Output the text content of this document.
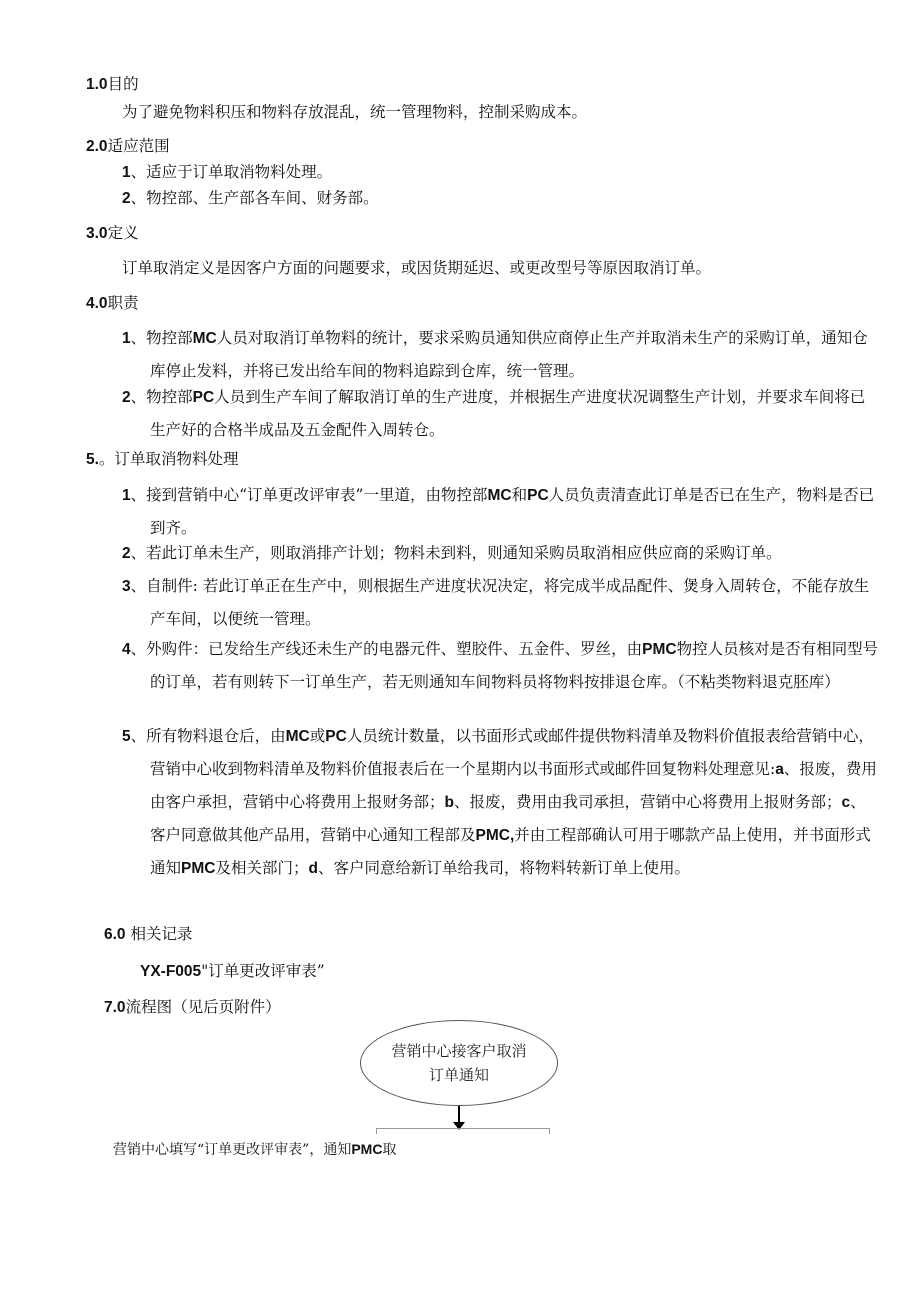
1.0目的
为了避免物料积压和物料存放混乱，统一管理物料，控制采购成本。
2.0适应范围
1、适应于订单取消物料处理。
2、物控部、生产部各车间、财务部。
3.0定义
订单取消定义是因客户方面的问题要求，或因货期延迟、或更改型号等原因取消订单。
4.0职责
1、物控部MC人员对取消订单物料的统计，要求采购员通知供应商停止生产并取消未生产的采购订单，通知仓库停止发料，并将已发出给车间的物料追踪到仓库，统一管理。
2、物控部PC人员到生产车间了解取消订单的生产进度，并根据生产进度状况调整生产计划，并要求车间将已生产好的合格半成品及五金配件入周转仓。
5.。订单取消物料处理
1、接到营销中心“订单更改评审表”一里道，由物控部MC和PC人员负责清查此订单是否已在生产，物料是否已到齐。
2、若此订单未生产，则取消排产计划；物料未到料，则通知采购员取消相应供应商的采购订单。
3、自制件: 若此订单正在生产中，则根据生产进度状况决定，将完成半成品配件、煲身入周转仓，不能存放生产车间，以便统一管理。
4、外购件：已发给生产线还未生产的电器元件、塑胶件、五金件、罗丝，由PMC物控人员核对是否有相同型号的订单，若有则转下一订单生产，若无则通知车间物料员将物料按排退仓库。（不粘类物料退克胚库）
5、所有物料退仓后，由MC或PC人员统计数量，以书面形式或邮件提供物料清单及物料价值报表给营销中心，营销中心收到物料清单及物料价值报表后在一个星期内以书面形式或邮件回复物料处理意见:a、报废，费用由客户承担，营销中心将费用上报财务部；b、报废，费用由我司承担，营销中心将费用上报财务部；c、客户同意做其他产品用，营销中心通知工程部及PMC,并由工程部确认可用于哪款产品上使用，并书面形式通知PMC及相关部门；d、客户同意给新订单给我司，将物料转新订单上使用。
6.0 相关记录
YX-F005"订单更改评审表”
7.0流程图（见后页附件）
营销中心接客户取消
订单通知
营销中心填写“订单更改评审表”，通知PMC取
